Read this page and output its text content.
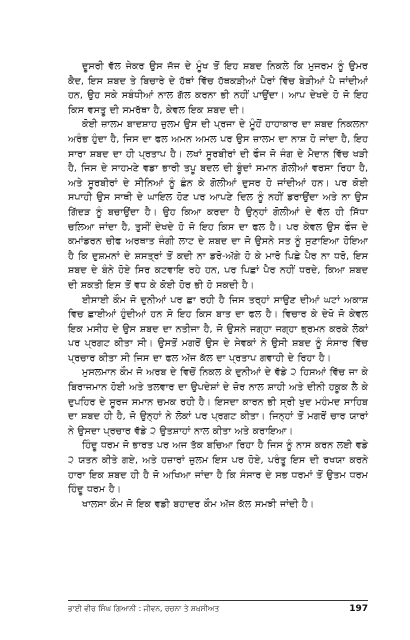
ਦੂਸਰੀ ਵੱਲ ਜੇਕਰ ਉਸ ਜੱਜ ਦੇ ਮੂੰਖ ਤੋਂ ਇਹ ਸ਼ਬਦ ਨਿਕਲੇ ਕਿ ਮੁਜਰਮ ਨੂੰ ਉਮਰ ਕੈਦ, ਇਸ ਸ਼ਬਦ ਤੇ ਬਿਚਾਰੇ ਦੇ ਹੱਥਾਂ ਵਿੱਚ ਹੱਥਕੜੀਆਂ ਪੈਰਾਂ ਵਿੱਚ ਬੇੜੀਆਂ ਪੈ ਜਾਂਦੀਆਂ ਹਨ, ਉਹ ਸਕੇ ਸਬੰਧੀਆਂ ਨਾਲ ਗੱਲ ਕਰਨਾ ਭੀ ਨਹੀਂ ਪਾਉਂਦਾ। ਆਪ ਦੇਖਦੇ ਹੋ ਜੋ ਇਹ ਕਿਸ ਵਸਤੂ ਦੀ ਸਮਰੱਥਾ ਹੈ, ਕੇਵਲ ਇਕ ਸ਼ਬਦ ਦੀ।

ਕੋਈ ਜ਼ਾਲਮ ਬਾਦਸ਼ਾਹ ਜ਼ੁਲਮ ਉਸ ਦੀ ਪ੍ਰਜਾ ਦੇ ਮੂੰਹੋਂ ਹਾਹਾਕਾਰ ਦਾ ਸ਼ਬਦ ਨਿਕਲਨਾ ਅਰੰਭ ਹੁੰਦਾ ਹੈ, ਜਿਸ ਦਾ ਫਲ ਅਮਨ ਅਮਲ ਪਰ ਉਸ ਜ਼ਾਲਮ ਦਾ ਨਾਸ਼ ਹੋ ਜਾਂਦਾ ਹੈ, ਇਹ ਸਾਰਾ ਸ਼ਬਦ ਦਾ ਹੀ ਪ੍ਰਤਾਪ ਹੈ। ਲਖਾਂ ਸੂਰਬੀਰਾਂ ਦੀ ਫੌਜ ਜੋ ਜੰਗ ਦੇ ਮੈਦਾਨ ਵਿੱਚ ਖੜੀ ਹੈ, ਜਿਸ ਦੇ ਸਾਹਮਣੇ ਵਡਾ ਭਾਰੀ ਤਪੂ ਬਦਲ ਦੀ ਬੂੰਦਾਂ ਸਮਾਨ ਗੋਲੀਆਂ ਵਰਸਾ ਰਿਹਾ ਹੈ, ਅਤੇ ਸੂਰਬੀਰਾਂ ਦੇ ਸੀਨਿਆਂ ਨੂੰ ਛੰਨ ਕੇ ਗੋਲੀਆਂ ਦੁਸਰ ਹੋ ਜਾਂਦੀਆਂ ਹਨ। ਪਰ ਕੋਈ ਸਪਾਹੀ ਉਸ ਸਾਥੀ ਦੇ ਘਾਇਲ ਹੋਣ ਪਰ ਆਪਣੇ ਦਿਲ ਨੂੰ ਨਹੀਂ ਡਰਾਉਂਦਾ ਅਤੇ ਨਾ ਉਸ ਗਿੱਦੜ ਨੂੰ ਬਚਾਉਂਦਾ ਹੈ। ਉਹ ਕਿਆ ਕਰਦਾ ਹੈ ਉਨ੍ਹਾਂ ਗੋਲੀਆਂ ਦੇ ਵੱਲ ਹੀ ਸਿੱਧਾ ਚਲਿਆ ਜਾਂਦਾ ਹੈ, ਤੁਸੀਂ ਦੇਖਦੇ ਹੋ ਜੋ ਇਹ ਕਿਸ ਦਾ ਫਲ ਹੈ। ਪਰ ਕੇਵਲ ਉਸ ਫੌਜ ਦੇ ਕਮਾਂਡਰਨ ਚੀਫ ਅਰਥਾਤ ਜੰਗੀ ਲਾਟ ਦੇ ਸ਼ਬਦ ਦਾ ਜੋ ਉਸਨੇ ਸਤ ਨੂੰ ਸੁਣਾਇਆ ਹੋਇਆ ਹੈ ਕਿ ਦੁਸ਼ਮਨਾਂ ਦੇ ਸ਼ਸਤ੍ਰਾਂ ਤੋਂ ਕਦੀ ਨਾ ਡਰੋ-ਅੱਗੇ ਹੋ ਕੇ ਮਾਰੋ ਪਿਛੇ ਪੈਰ ਨਾ ਧਰੋ, ਇਸ ਸ਼ਬਦ ਦੇ ਬੰਨੇ ਹੋਏ ਸਿਰ ਕਟਵਾਇ ਰਹੇ ਹਨ, ਪਰ ਪਿਛਾਂ ਪੈਰ ਨਹੀਂ ਧਰਦੇ, ਕਿਆ ਸ਼ਬਦ ਦੀ ਸ਼ਕਤੀ ਇਸ ਤੋਂ ਵਧ ਕੇ ਕੋਈ ਹੋਰ ਭੀ ਹੋ ਸਕਦੀ ਹੈ।

ਈਸਾਈ ਕੌਮ ਜੋ ਦੁਨੀਆਂ ਪਰ ਛਾ ਰਹੀ ਹੈ ਜਿਸ ਤਰ੍ਹਾਂ ਸਾਉਣ ਦੀਆਂ ਘਟਾਂ ਅਕਾਸ਼ ਵਿਚ ਛਾਈਆਂ ਹੁੰਦੀਆਂ ਹਨ ਸੋ ਇਹ ਕਿਸ ਬਾਤ ਦਾ ਫਲ ਹੈ। ਵਿਚਾਰ ਕੇ ਦੇਖੋ ਜੋ ਕੇਵਲ ਇਕ ਮਸੀਹ ਦੇ ਉਸ ਸ਼ਬਦ ਦਾ ਨਤੀਜਾ ਹੈ, ਜੋ ਉਸਨੇ ਜਗ੍ਹਾ ਜਗ੍ਹਾ ਭ੍ਰਮਨ ਕਰਕੇ ਲੋਕਾਂ ਪਰ ਪ੍ਰਗਟ ਕੀਤਾ ਸੀ। ਉਸਤੋਂ ਮਗਰੋਂ ਉਸ ਦੇ ਸੇਵਕਾਂ ਨੇ ਉਸੀ ਸ਼ਬਦ ਨੂੰ ਸੰਸਾਰ ਵਿੱਚ ਪ੍ਰਚਾਰ ਕੀਤਾ ਸੀ ਜਿਸ ਦਾ ਫਲ ਅੱਜ ਕੱਲ ਦਾ ਪ੍ਰਤਾਪ ਗਵਾਹੀ ਦੇ ਰਿਹਾ ਹੈ।

ਮੁਸਲਮਾਨ ਕੌਮ ਜੋ ਅਰਬ ਦੇ ਵਿਚੋਂ ਨਿਕਲ ਕੇ ਦੁਨੀਆਂ ਦੇ ਵੱਡੇ ੨ ਹਿਸਆਂ ਵਿੱਚ ਜਾ ਕੇ ਬਿਰਾਜਮਾਨ ਹੋਈ ਅਤੇ ਤਲਵਾਰ ਦਾ ਉਪਦੇਸ਼ਾਂ ਦੇ ਜ਼ੋਰ ਨਾਲ ਸ਼ਾਹੀ ਅਤੇ ਦੀਨੀ ਹਕੂਕ ਲੈ ਕੇ ਦੁਪਹਿਰ ਦੇ ਸੂਰਜ ਸਮਾਨ ਚਮਕ ਰਹੀ ਹੈ। ਇਸਦਾ ਕਾਰਨ ਭੀ ਸ੍ਰੀ ਖੁਦ ਮਹੰਮਦ ਸਾਹਿਬ ਦਾ ਸ਼ਬਦ ਹੀ ਹੈ, ਜੋ ਉਨ੍ਹਾਂ ਨੇ ਲੋਕਾਂ ਪਰ ਪ੍ਰਗਟ ਕੀਤਾ। ਜਿਨ੍ਹਾਂ ਤੋਂ ਮਗਰੋਂ ਚਾਰ ਯਾਰਾਂ ਨੇ ਉਸਦਾ ਪ੍ਰਚਾਰ ਵੱਡੇ ੨ ਉਤਸ਼ਾਹਾਂ ਨਾਲ ਕੀਤਾ ਅਤੇ ਕਰਾਇਆ।

ਹਿੰਦੂ ਧਰਮ ਜੋ ਭਾਰਤ ਪਰ ਅਜ ਤੱਕ ਬਚਿਆ ਰਿਹਾ ਹੈ ਜਿਸ ਨੂੰ ਨਾਸ ਕਰਨ ਲਈ ਵਡੇ ੨ ਯਤਨ ਕੀਤੇ ਗਏ, ਅਤੇ ਹਜ਼ਾਰਾਂ ਜ਼ੁਲਮ ਇਸ ਪਰ ਹੋਏ, ਪਰੰਤੂ ਇਸ ਦੀ ਰਖਯਾ ਕਰਨੇ ਹਾਰਾ ਇਕ ਸ਼ਬਦ ਹੀ ਹੈ ਜੋ ਅਖਿਆ ਜਾਂਦਾ ਹੈ ਕਿ ਸੰਸਾਰ ਦੇ ਸਭ ਧਰਮਾਂ ਤੋਂ ਉਤਮ ਧਰਮ ਹਿੰਦੂ ਧਰਮ ਹੈ।

ਖਾਲਸਾ ਕੌਮ ਜੋ ਇਕ ਵਡੀ ਬਹਾਦਰ ਕੌਮ ਅੱਜ ਕੱਲ ਸਮਝੀ ਜਾਂਦੀ ਹੈ।

ਭਾਈ ਵੀਰ ਸਿੰਘ ਗਿਆਨੀ : ਜੀਵਨ, ਰਚਨਾ ਤੇ ਸ਼ਖ਼ਸੀਅਤ	197
